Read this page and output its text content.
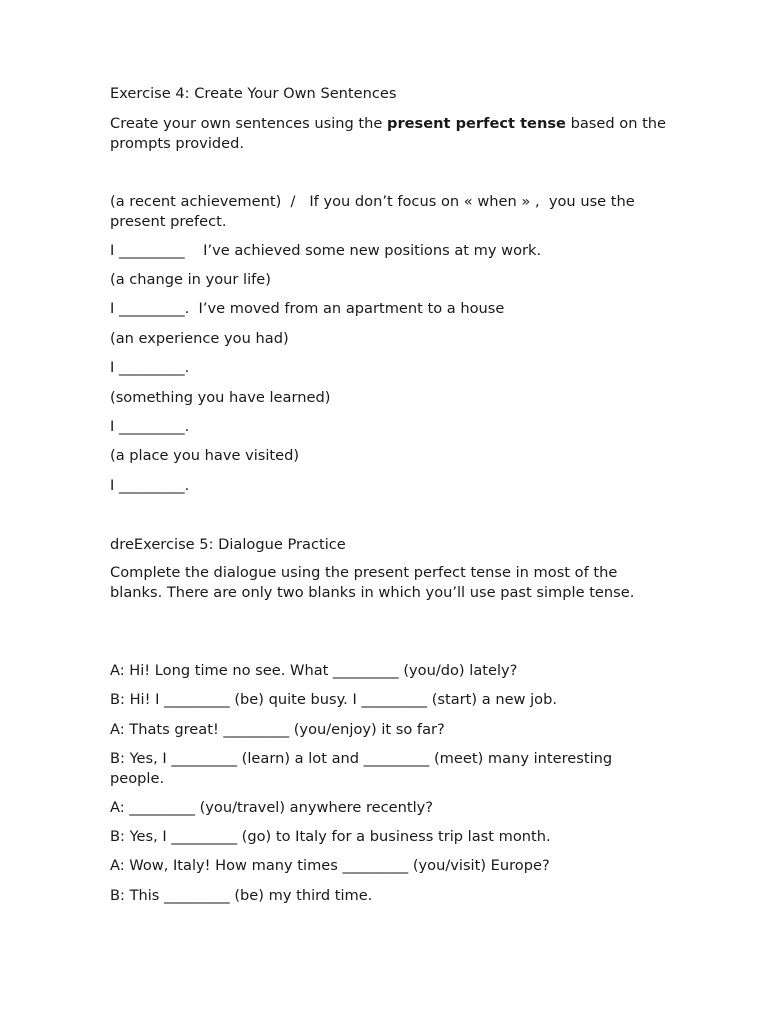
Exercise 4: Create Your Own Sentences
Create your own sentences using the present perfect tense based on the prompts provided.
(a recent achievement)  /   If you don’t focus on « when » ,  you use the present prefect.
I _________    I’ve achieved some new positions at my work.
(a change in your life)
I _________.  I’ve moved from an apartment to a house
(an experience you had)
I _________.
(something you have learned)
I _________.
(a place you have visited)
I _________.
dreExercise 5: Dialogue Practice
Complete the dialogue using the present perfect tense in most of the blanks. There are only two blanks in which you’ll use past simple tense.
A: Hi! Long time no see. What _________ (you/do) lately?
B: Hi! I _________ (be) quite busy. I _________ (start) a new job.
A: Thats great! _________ (you/enjoy) it so far?
B: Yes, I _________ (learn) a lot and _________ (meet) many interesting people.
A: _________ (you/travel) anywhere recently?
B: Yes, I _________ (go) to Italy for a business trip last month.
A: Wow, Italy! How many times _________ (you/visit) Europe?
B: This _________ (be) my third time.
